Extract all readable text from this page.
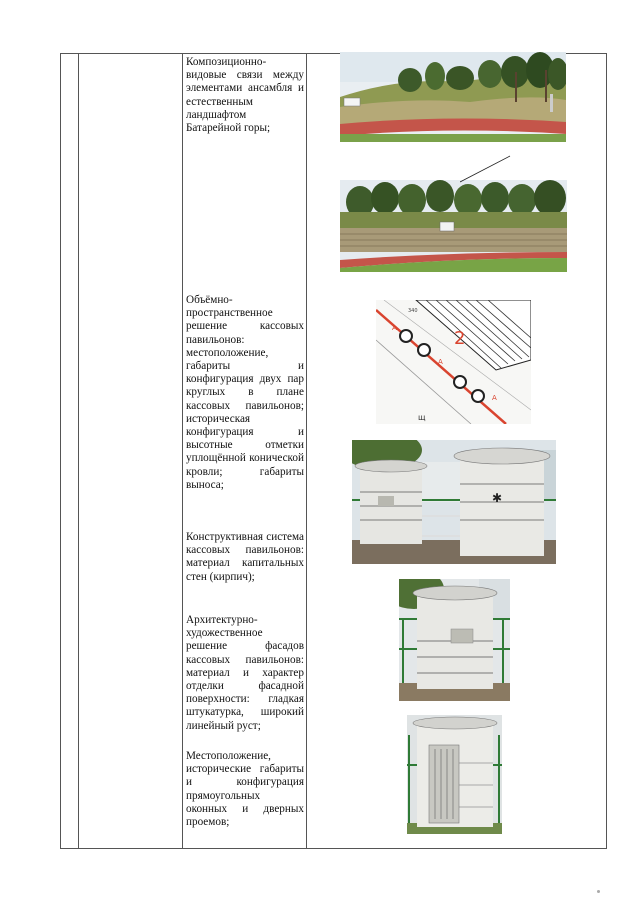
Композиционно-видовые связи между элементами ансамбля и естественным ландшафтом Батарейной горы;
Объёмно-пространственное решение кассовых павильонов: местоположение, габариты и конфигурация двух пар круглых в плане кассовых павильонов; историческая конфигурация и высотные отметки уплощённой конической кровли; габариты выноса;
Конструктивная система кассовых павильонов: материал капитальных стен (кирпич);
Архитектурно-художественное решение фасадов кассовых павильонов: материал и характер отделки фасадной поверхности: гладкая штукатурка, широкий линейный руст;
Местоположение, исторические габариты и конфигурация прямоугольных оконных и дверных проемов;
А
А
А
2
340
щ
✱
